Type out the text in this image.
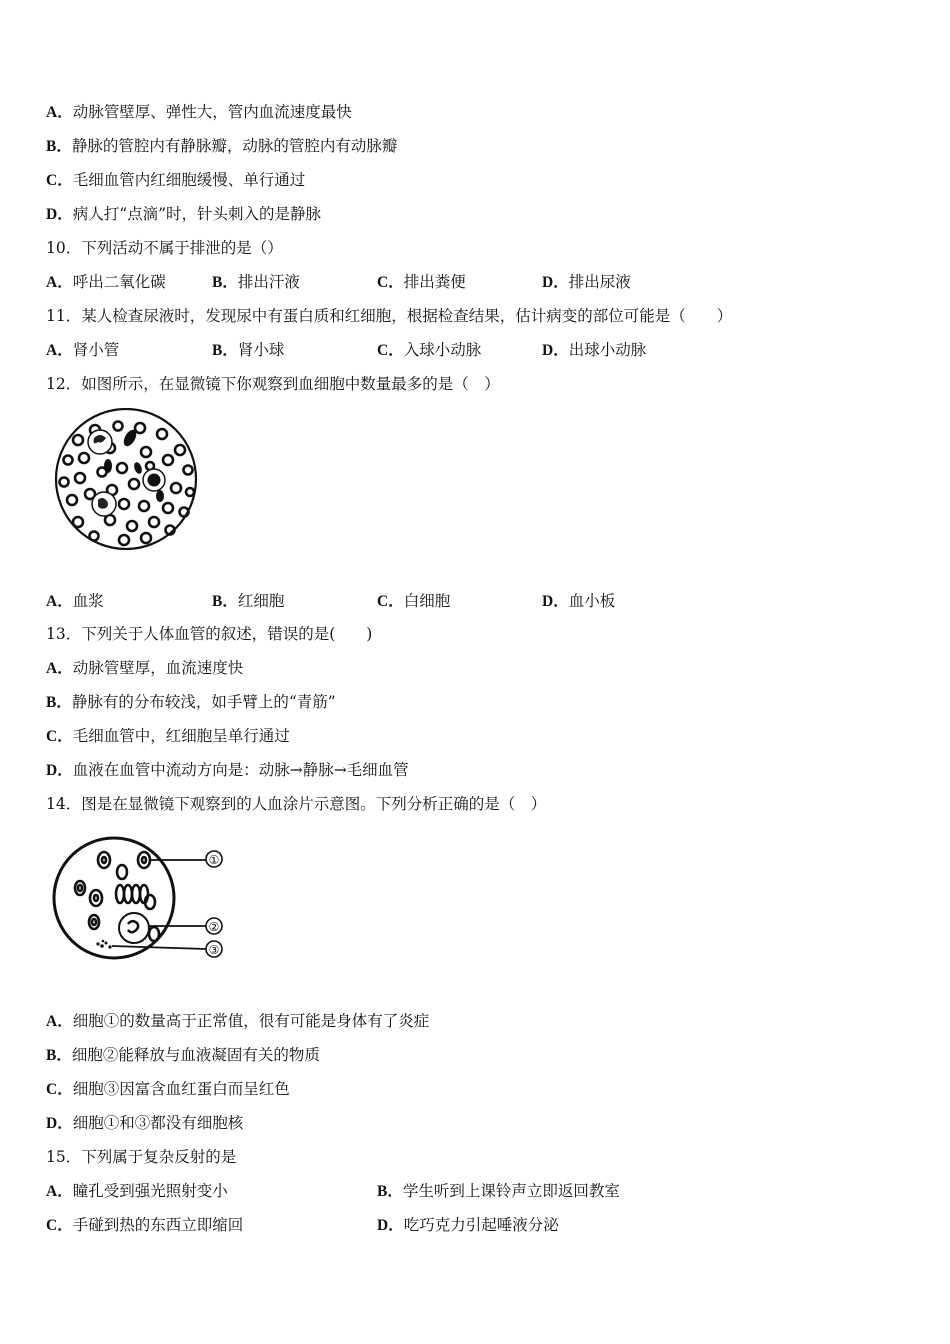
A．动脉管壁厚、弹性大，管内血流速度最快
B．静脉的管腔内有静脉瓣，动脉的管腔内有动脉瓣
C．毛细血管内红细胞缓慢、单行通过
D．病人打“点滴”时，针头刺入的是静脉
10．下列活动不属于排泄的是（）
A．呼出二氧化碳	B．排出汗液	C．排出粪便	D．排出尿液
11．某人检查尿液时，发现尿中有蛋白质和红细胞，根据检查结果，估计病变的部位可能是（　　）
A．肾小管	B．肾小球	C．入球小动脉	D．出球小动脉
12．如图所示，在显微镜下你观察到血细胞中数量最多的是（　）
A．血浆	B．红细胞	C．白细胞	D．血小板
13．下列关于人体血管的叙述，错误的是(　　)
A．动脉管壁厚，血流速度快
B．静脉有的分布较浅，如手臂上的“青筋”
C．毛细血管中，红细胞呈单行通过
D．血液在血管中流动方向是：动脉→静脉→毛细血管
14．图是在显微镜下观察到的人血涂片示意图。下列分析正确的是（　）
①
②
③
A．细胞①的数量高于正常值，很有可能是身体有了炎症
B．细胞②能释放与血液凝固有关的物质
C．细胞③因富含血红蛋白而呈红色
D．细胞①和③都没有细胞核
15．下列属于复杂反射的是
A．瞳孔受到强光照射变小	B．学生听到上课铃声立即返回教室
C．手碰到热的东西立即缩回	D．吃巧克力引起唾液分泌
